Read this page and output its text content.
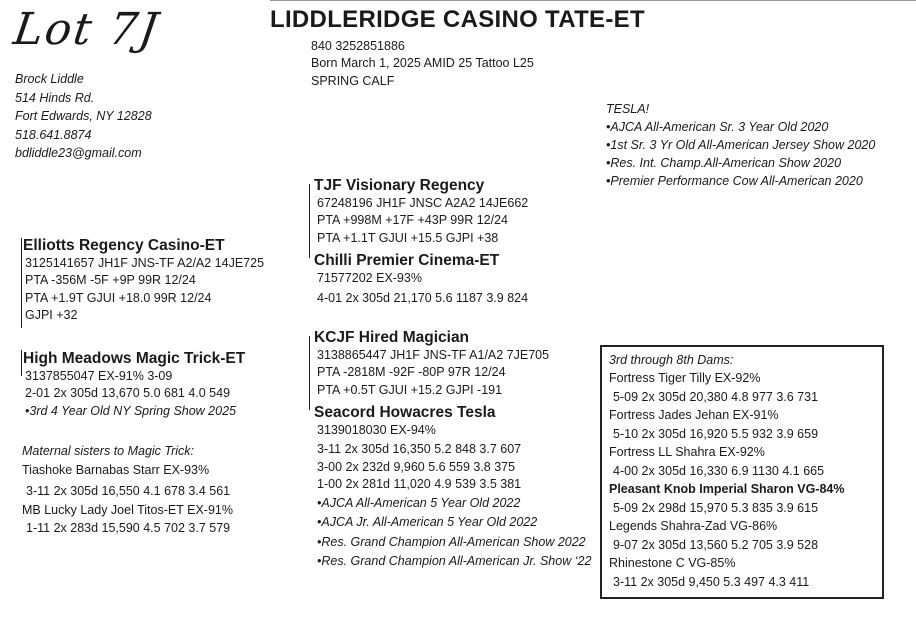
Lot 7J	LIDDLERIDGE CASINO TATE-ET
840 3252851886
Born March 1, 2025 AMID 25 Tattoo L25
SPRING CALF
Brock Liddle
514 Hinds Rd.
Fort Edwards, NY 12828
518.641.8874
bdliddle23@gmail.com
TESLA!
•AJCA All-American Sr. 3 Year Old 2020
•1st Sr. 3 Yr Old All-American Jersey Show 2020
•Res. Int. Champ.All-American Show 2020
•Premier Performance Cow All-American 2020
TJF Visionary Regency
67248196 JH1F JNSC A2A2 14JE662
PTA +998M +17F +43P 99R 12/24
PTA +1.1T GJUI +15.5 GJPI +38
Chilli Premier Cinema-ET
71577202 EX-93%
4-01 2x 305d 21,170 5.6 1187 3.9 824
Elliotts Regency Casino-ET
3125141657 JH1F JNS-TF A2/A2 14JE725
PTA -356M -5F +9P 99R 12/24
PTA +1.9T GJUI +18.0 99R 12/24
GJPI +32
High Meadows Magic Trick-ET
3137855047 EX-91% 3-09
2-01 2x 305d 13,670 5.0 681 4.0 549
•3rd 4 Year Old NY Spring Show 2025
KCJF Hired Magician
3138865447 JH1F JNS-TF A1/A2 7JE705
PTA -2818M -92F -80P 97R 12/24
PTA +0.5T GJUI +15.2 GJPI -191
Seacord Howacres Tesla
3139018030 EX-94%
3-11 2x 305d 16,350 5.2 848 3.7 607
3-00 2x 232d 9,960 5.6 559 3.8 375
1-00 2x 281d 11,020 4.9 539 3.5 381
•AJCA All-American 5 Year Old 2022
•AJCA Jr. All-American 5 Year Old 2022
•Res. Grand Champion All-American Show 2022
•Res. Grand Champion All-American Jr. Show ‘22
Maternal sisters to Magic Trick:
Tiashoke Barnabas Starr EX-93%
3-11 2x 305d 16,550 4.1 678 3.4 561
MB Lucky Lady Joel Titos-ET EX-91%
1-11 2x 283d 15,590 4.5 702 3.7 579
3rd through 8th Dams:
Fortress Tiger Tilly EX-92%
5-09 2x 305d 20,380 4.8 977 3.6 731
Fortress Jades Jehan EX-91%
5-10 2x 305d 16,920 5.5 932 3.9 659
Fortress LL Shahra EX-92%
4-00 2x 305d 16,330 6.9 1130 4.1 665
Pleasant Knob Imperial Sharon VG-84%
5-09 2x 298d 15,970 5.3 835 3.9 615
Legends Shahra-Zad VG-86%
9-07 2x 305d 13,560 5.2 705 3.9 528
Rhinestone C VG-85%
3-11 2x 305d 9,450 5.3 497 4.3 411
